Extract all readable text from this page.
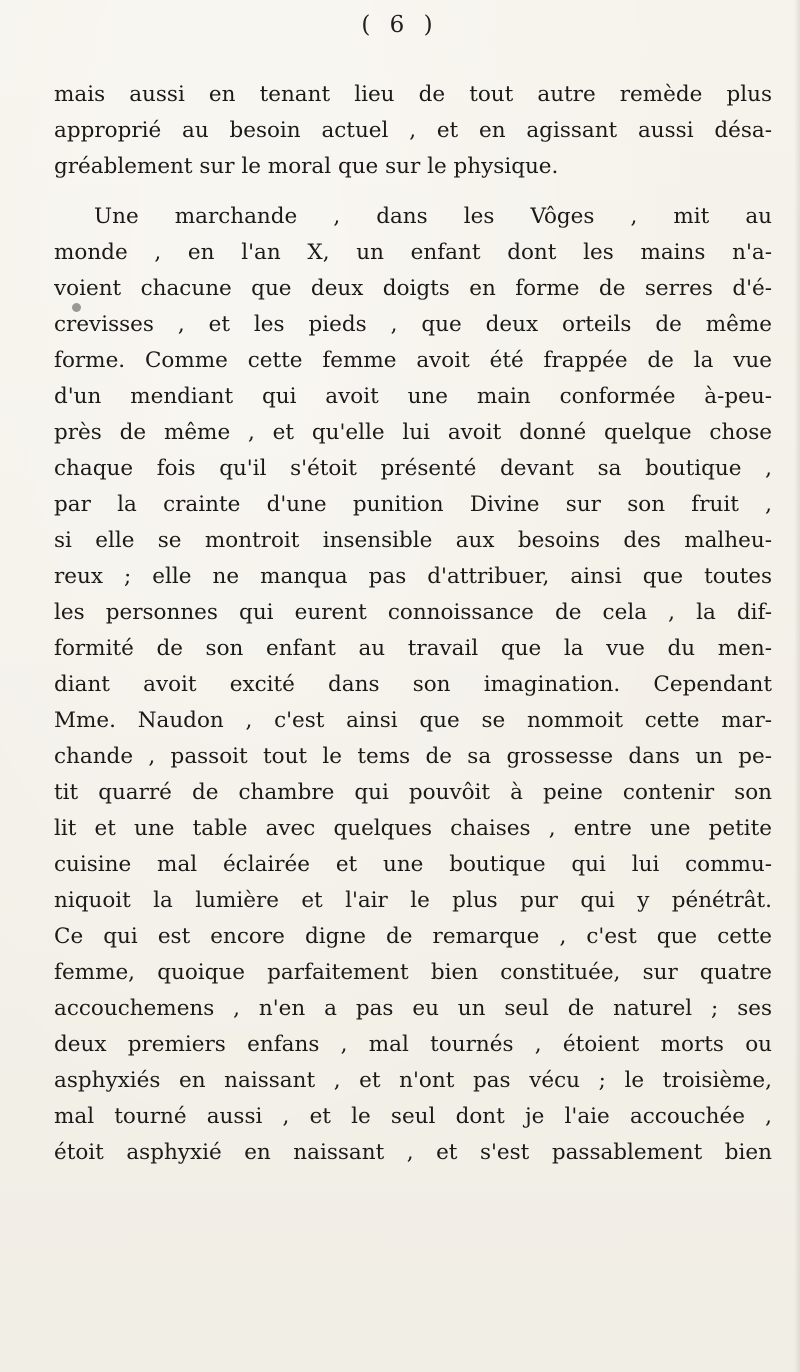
( 6 )
mais aussi en tenant lieu de tout autre remède plus
approprié au besoin actuel , et en agissant aussi désa-
gréablement sur le moral que sur le physique.
Une marchande , dans les Vôges , mit au
monde , en l'an X, un enfant dont les mains n'a-
voient chacune que deux doigts en forme de serres d'é-
crevisses , et les pieds , que deux orteils de même
forme. Comme cette femme avoit été frappée de la vue
d'un mendiant qui avoit une main conformée à-peu-
près de même , et qu'elle lui avoit donné quelque chose
chaque fois qu'il s'étoit présenté devant sa boutique ,
par la crainte d'une punition Divine sur son fruit ,
si elle se montroit insensible aux besoins des malheu-
reux ; elle ne manqua pas d'attribuer, ainsi que toutes
les personnes qui eurent connoissance de cela , la dif-
formité de son enfant au travail que la vue du men-
diant avoit excité dans son imagination. Cependant
Mme. Naudon , c'est ainsi que se nommoit cette mar-
chande , passoit tout le tems de sa grossesse dans un pe-
tit quarré de chambre qui pouvôit à peine contenir son
lit et une table avec quelques chaises , entre une petite
cuisine mal éclairée et une boutique qui lui commu-
niquoit la lumière et l'air le plus pur qui y pénétrât.
Ce qui est encore digne de remarque , c'est que cette
femme, quoique parfaitement bien constituée, sur quatre
accouchemens , n'en a pas eu un seul de naturel ; ses
deux premiers enfans , mal tournés , étoient morts ou
asphyxiés en naissant , et n'ont pas vécu ; le troisième,
mal tourné aussi , et le seul dont je l'aie accouchée ,
étoit asphyxié en naissant , et s'est passablement bien
